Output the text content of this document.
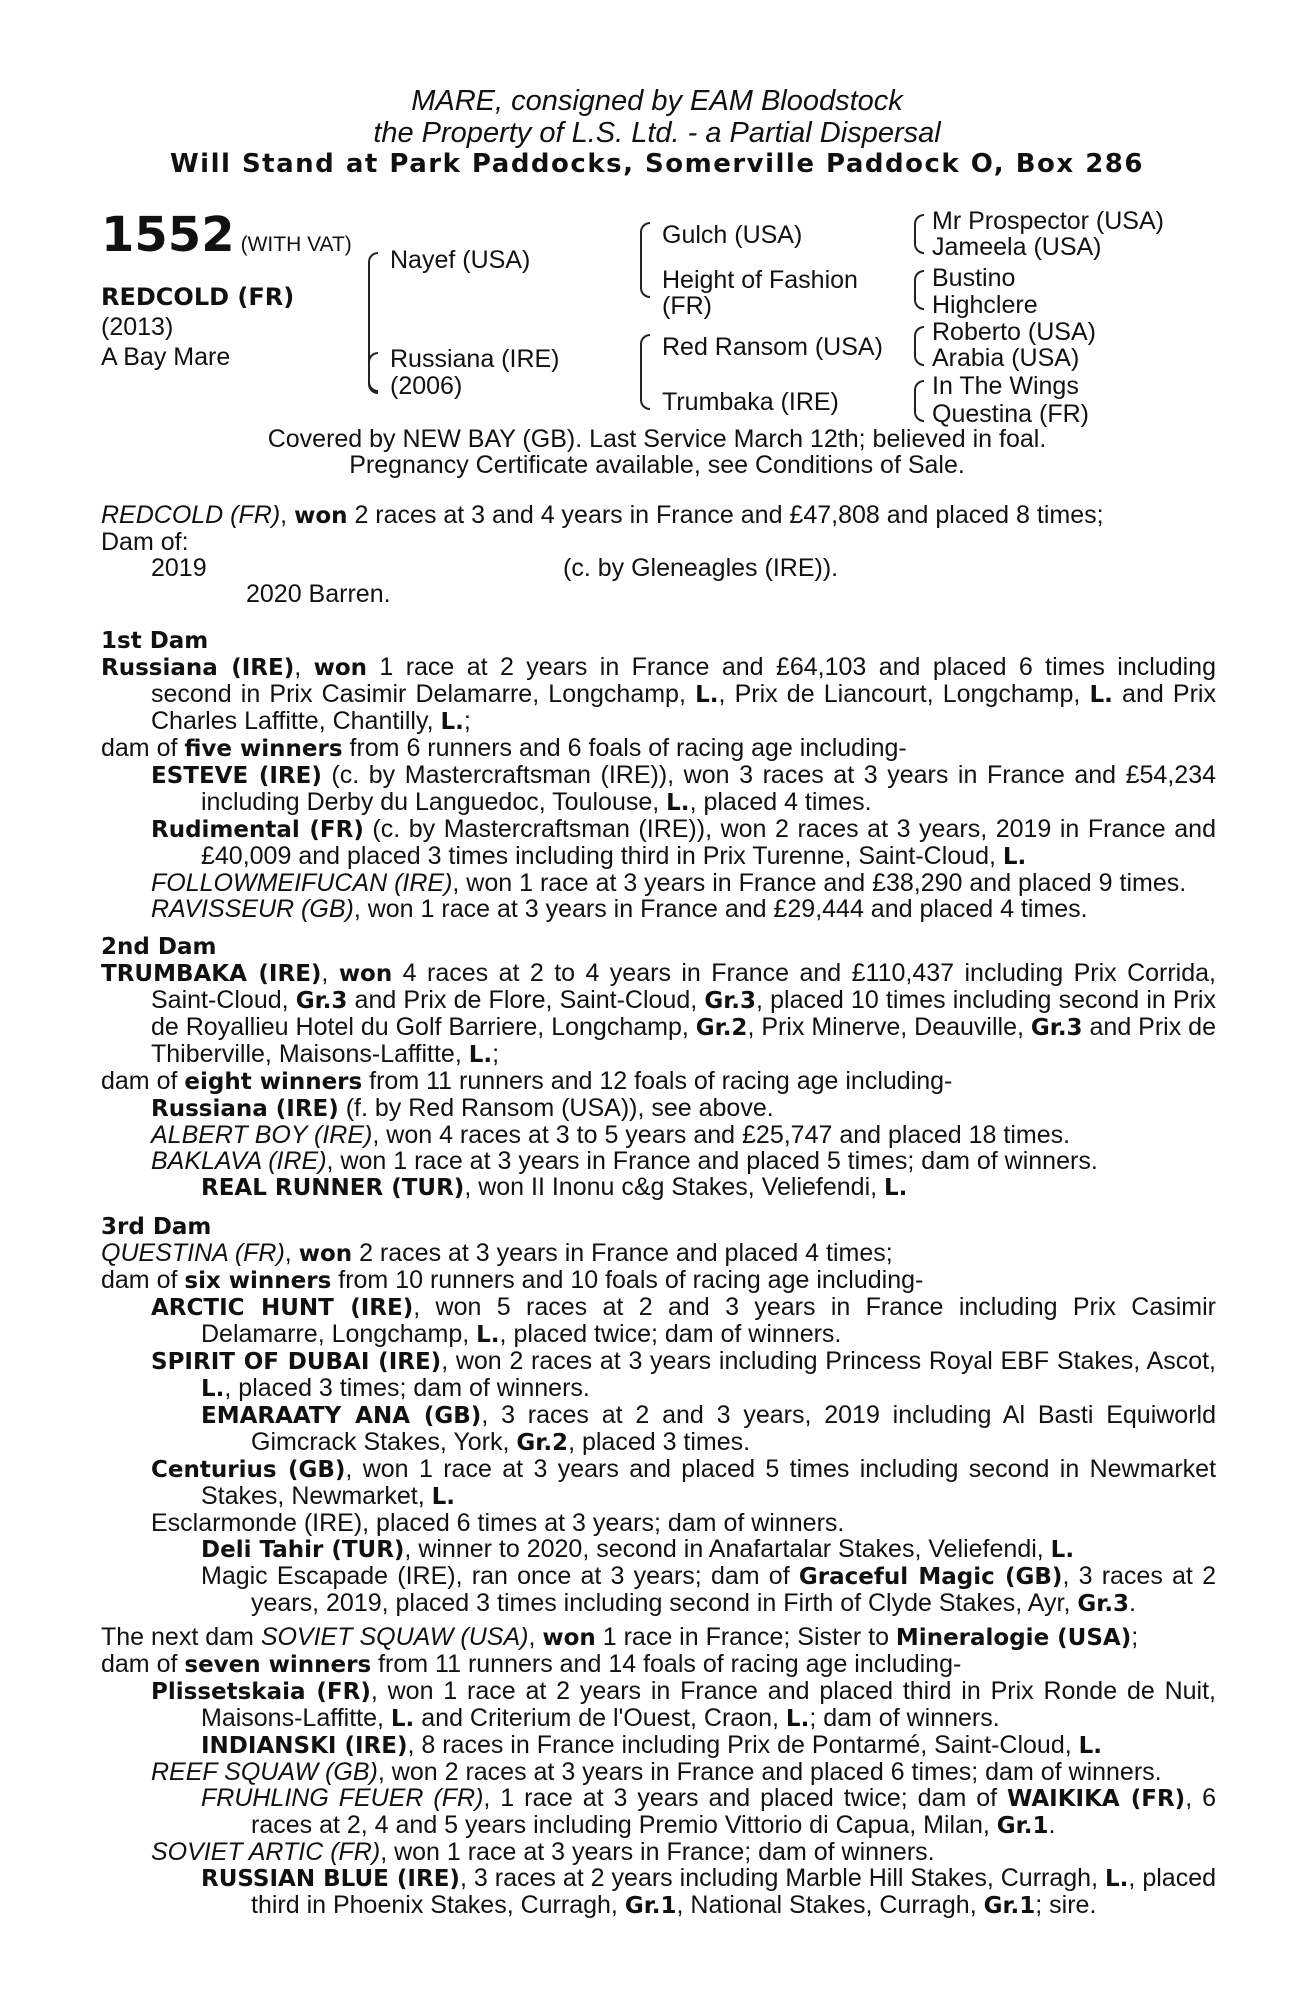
MARE, consigned by EAM Bloodstock
the Property of L.S. Ltd. - a Partial Dispersal
Will Stand at Park Paddocks, Somerville Paddock O, Box 286
1552 (WITH VAT)
REDCOLD (FR)
(2013)
A Bay Mare
Nayef (USA)
Russiana (IRE)
(2006)
Gulch (USA)
Height of Fashion
(FR)
Red Ransom (USA)
Trumbaka (IRE)
Mr Prospector (USA)
Jameela (USA)
Bustino
Highclere
Roberto (USA)
Arabia (USA)
In The Wings
Questina (FR)
Covered by NEW BAY (GB). Last Service March 12th; believed in foal.
Pregnancy Certificate available, see Conditions of Sale.

REDCOLD (FR), won 2 races at 3 and 4 years in France and £47,808 and placed 8 times;

Dam of:

2019	(c. by Gleneagles (IRE)).
2020 Barren.

1st Dam

Russiana (IRE), won 1 race at 2 years in France and £64,103 and placed 6 times including second in Prix Casimir Delamarre, Longchamp, L., Prix de Liancourt, Longchamp, L. and Prix Charles Laffitte, Chantilly, L.;

dam of five winners from 6 runners and 6 foals of racing age including-

ESTEVE (IRE) (c. by Mastercraftsman (IRE)), won 3 races at 3 years in France and £54,234 including Derby du Languedoc, Toulouse, L., placed 4 times.

Rudimental (FR) (c. by Mastercraftsman (IRE)), won 2 races at 3 years, 2019 in France and £40,009 and placed 3 times including third in Prix Turenne, Saint-Cloud, L.

FOLLOWMEIFUCAN (IRE), won 1 race at 3 years in France and £38,290 and placed 9 times.

RAVISSEUR (GB), won 1 race at 3 years in France and £29,444 and placed 4 times.

2nd Dam

TRUMBAKA (IRE), won 4 races at 2 to 4 years in France and £110,437 including Prix Corrida, Saint-Cloud, Gr.3 and Prix de Flore, Saint-Cloud, Gr.3, placed 10 times including second in Prix de Royallieu Hotel du Golf Barriere, Longchamp, Gr.2, Prix Minerve, Deauville, Gr.3 and Prix de Thiberville, Maisons-Laffitte, L.;

dam of eight winners from 11 runners and 12 foals of racing age including-

Russiana (IRE) (f. by Red Ransom (USA)), see above.

ALBERT BOY (IRE), won 4 races at 3 to 5 years and £25,747 and placed 18 times.

BAKLAVA (IRE), won 1 race at 3 years in France and placed 5 times; dam of winners.

REAL RUNNER (TUR), won II Inonu c&g Stakes, Veliefendi, L.

3rd Dam

QUESTINA (FR), won 2 races at 3 years in France and placed 4 times;

dam of six winners from 10 runners and 10 foals of racing age including-

ARCTIC HUNT (IRE), won 5 races at 2 and 3 years in France including Prix Casimir Delamarre, Longchamp, L., placed twice; dam of winners.

SPIRIT OF DUBAI (IRE), won 2 races at 3 years including Princess Royal EBF Stakes, Ascot, L., placed 3 times; dam of winners.

EMARAATY ANA (GB), 3 races at 2 and 3 years, 2019 including Al Basti Equiworld Gimcrack Stakes, York, Gr.2, placed 3 times.

Centurius (GB), won 1 race at 3 years and placed 5 times including second in Newmarket Stakes, Newmarket, L.

Esclarmonde (IRE), placed 6 times at 3 years; dam of winners.

Deli Tahir (TUR), winner to 2020, second in Anafartalar Stakes, Veliefendi, L.

Magic Escapade (IRE), ran once at 3 years; dam of Graceful Magic (GB), 3 races at 2 years, 2019, placed 3 times including second in Firth of Clyde Stakes, Ayr, Gr.3.

The next dam SOVIET SQUAW (USA), won 1 race in France; Sister to Mineralogie (USA);

dam of seven winners from 11 runners and 14 foals of racing age including-

Plissetskaia (FR), won 1 race at 2 years in France and placed third in Prix Ronde de Nuit, Maisons-Laffitte, L. and Criterium de l'Ouest, Craon, L.; dam of winners.

INDIANSKI (IRE), 8 races in France including Prix de Pontarmé, Saint-Cloud, L.

REEF SQUAW (GB), won 2 races at 3 years in France and placed 6 times; dam of winners.

FRUHLING FEUER (FR), 1 race at 3 years and placed twice; dam of WAIKIKA (FR), 6 races at 2, 4 and 5 years including Premio Vittorio di Capua, Milan, Gr.1.

SOVIET ARTIC (FR), won 1 race at 3 years in France; dam of winners.

RUSSIAN BLUE (IRE), 3 races at 2 years including Marble Hill Stakes, Curragh, L., placed third in Phoenix Stakes, Curragh, Gr.1, National Stakes, Curragh, Gr.1; sire.
